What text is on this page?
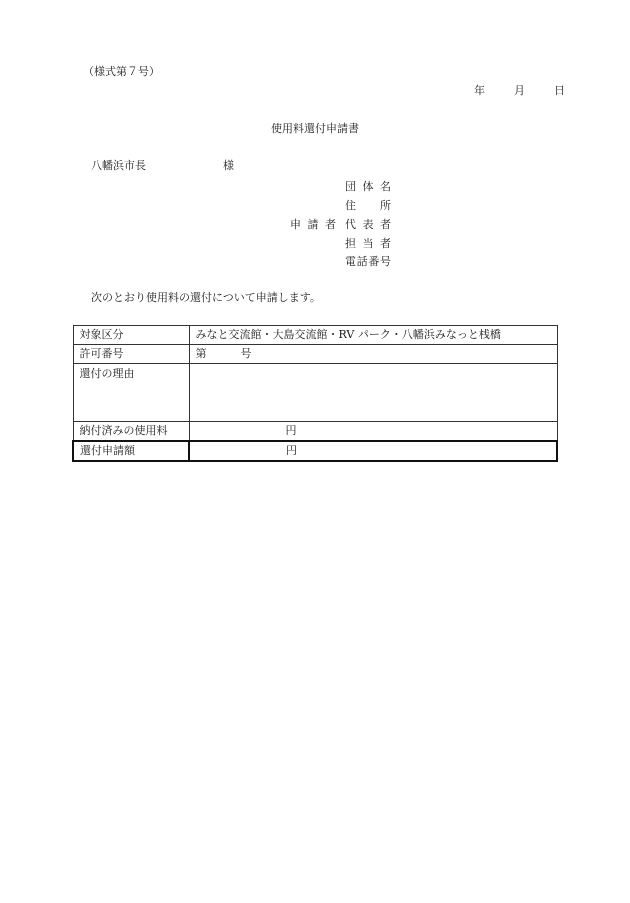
（様式第７号）
年	月	日
使用料還付申請書
八幡浜市長	様
団 体 名
住　　所
申 請 者 代 表 者
担 当 者
電話番号
次のとおり使用料の還付について申請します。
対象区分	みなと交流館・大島交流館・RV パーク・八幡浜みなっと桟橋
許可番号	第 号
還付の理由	
納付済みの使用料	円
還付申請額	円
